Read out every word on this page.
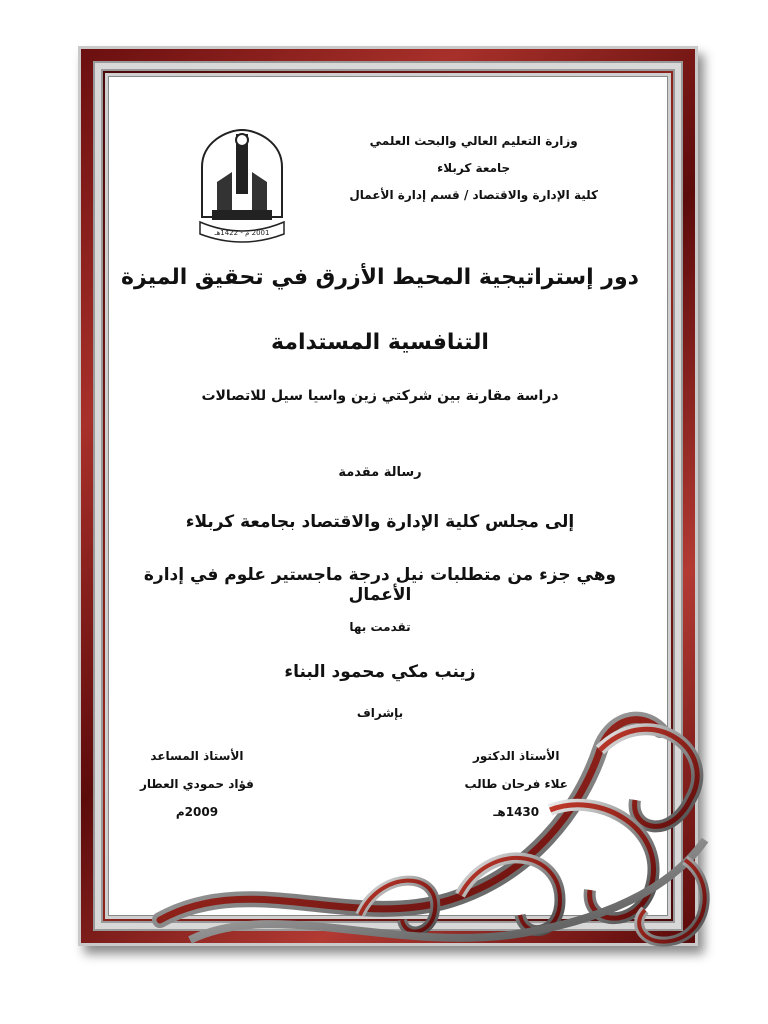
2001 م - 1422هـ
وزارة التعليم العالي والبحث العلمي
جامعة كربلاء
كلية الإدارة والاقتصاد / قسم إدارة الأعمال
دور إستراتيجية المحيط الأزرق في تحقيق الميزة
التنافسية المستدامة
دراسة مقارنة بين شركتي زين واسيا سيل للاتصالات
رسالة مقدمة
إلى مجلس كلية الإدارة والاقتصاد بجامعة كربلاء
وهي جزء من متطلبات نيل درجة ماجستير علوم في إدارة الأعمال
تقدمت بها
زينب مكي محمود البناء
بإشراف
الأستاذ الدكتور
علاء فرحان طالب
1430هـ
الأستاذ المساعد
فؤاد حمودي العطار
2009م
